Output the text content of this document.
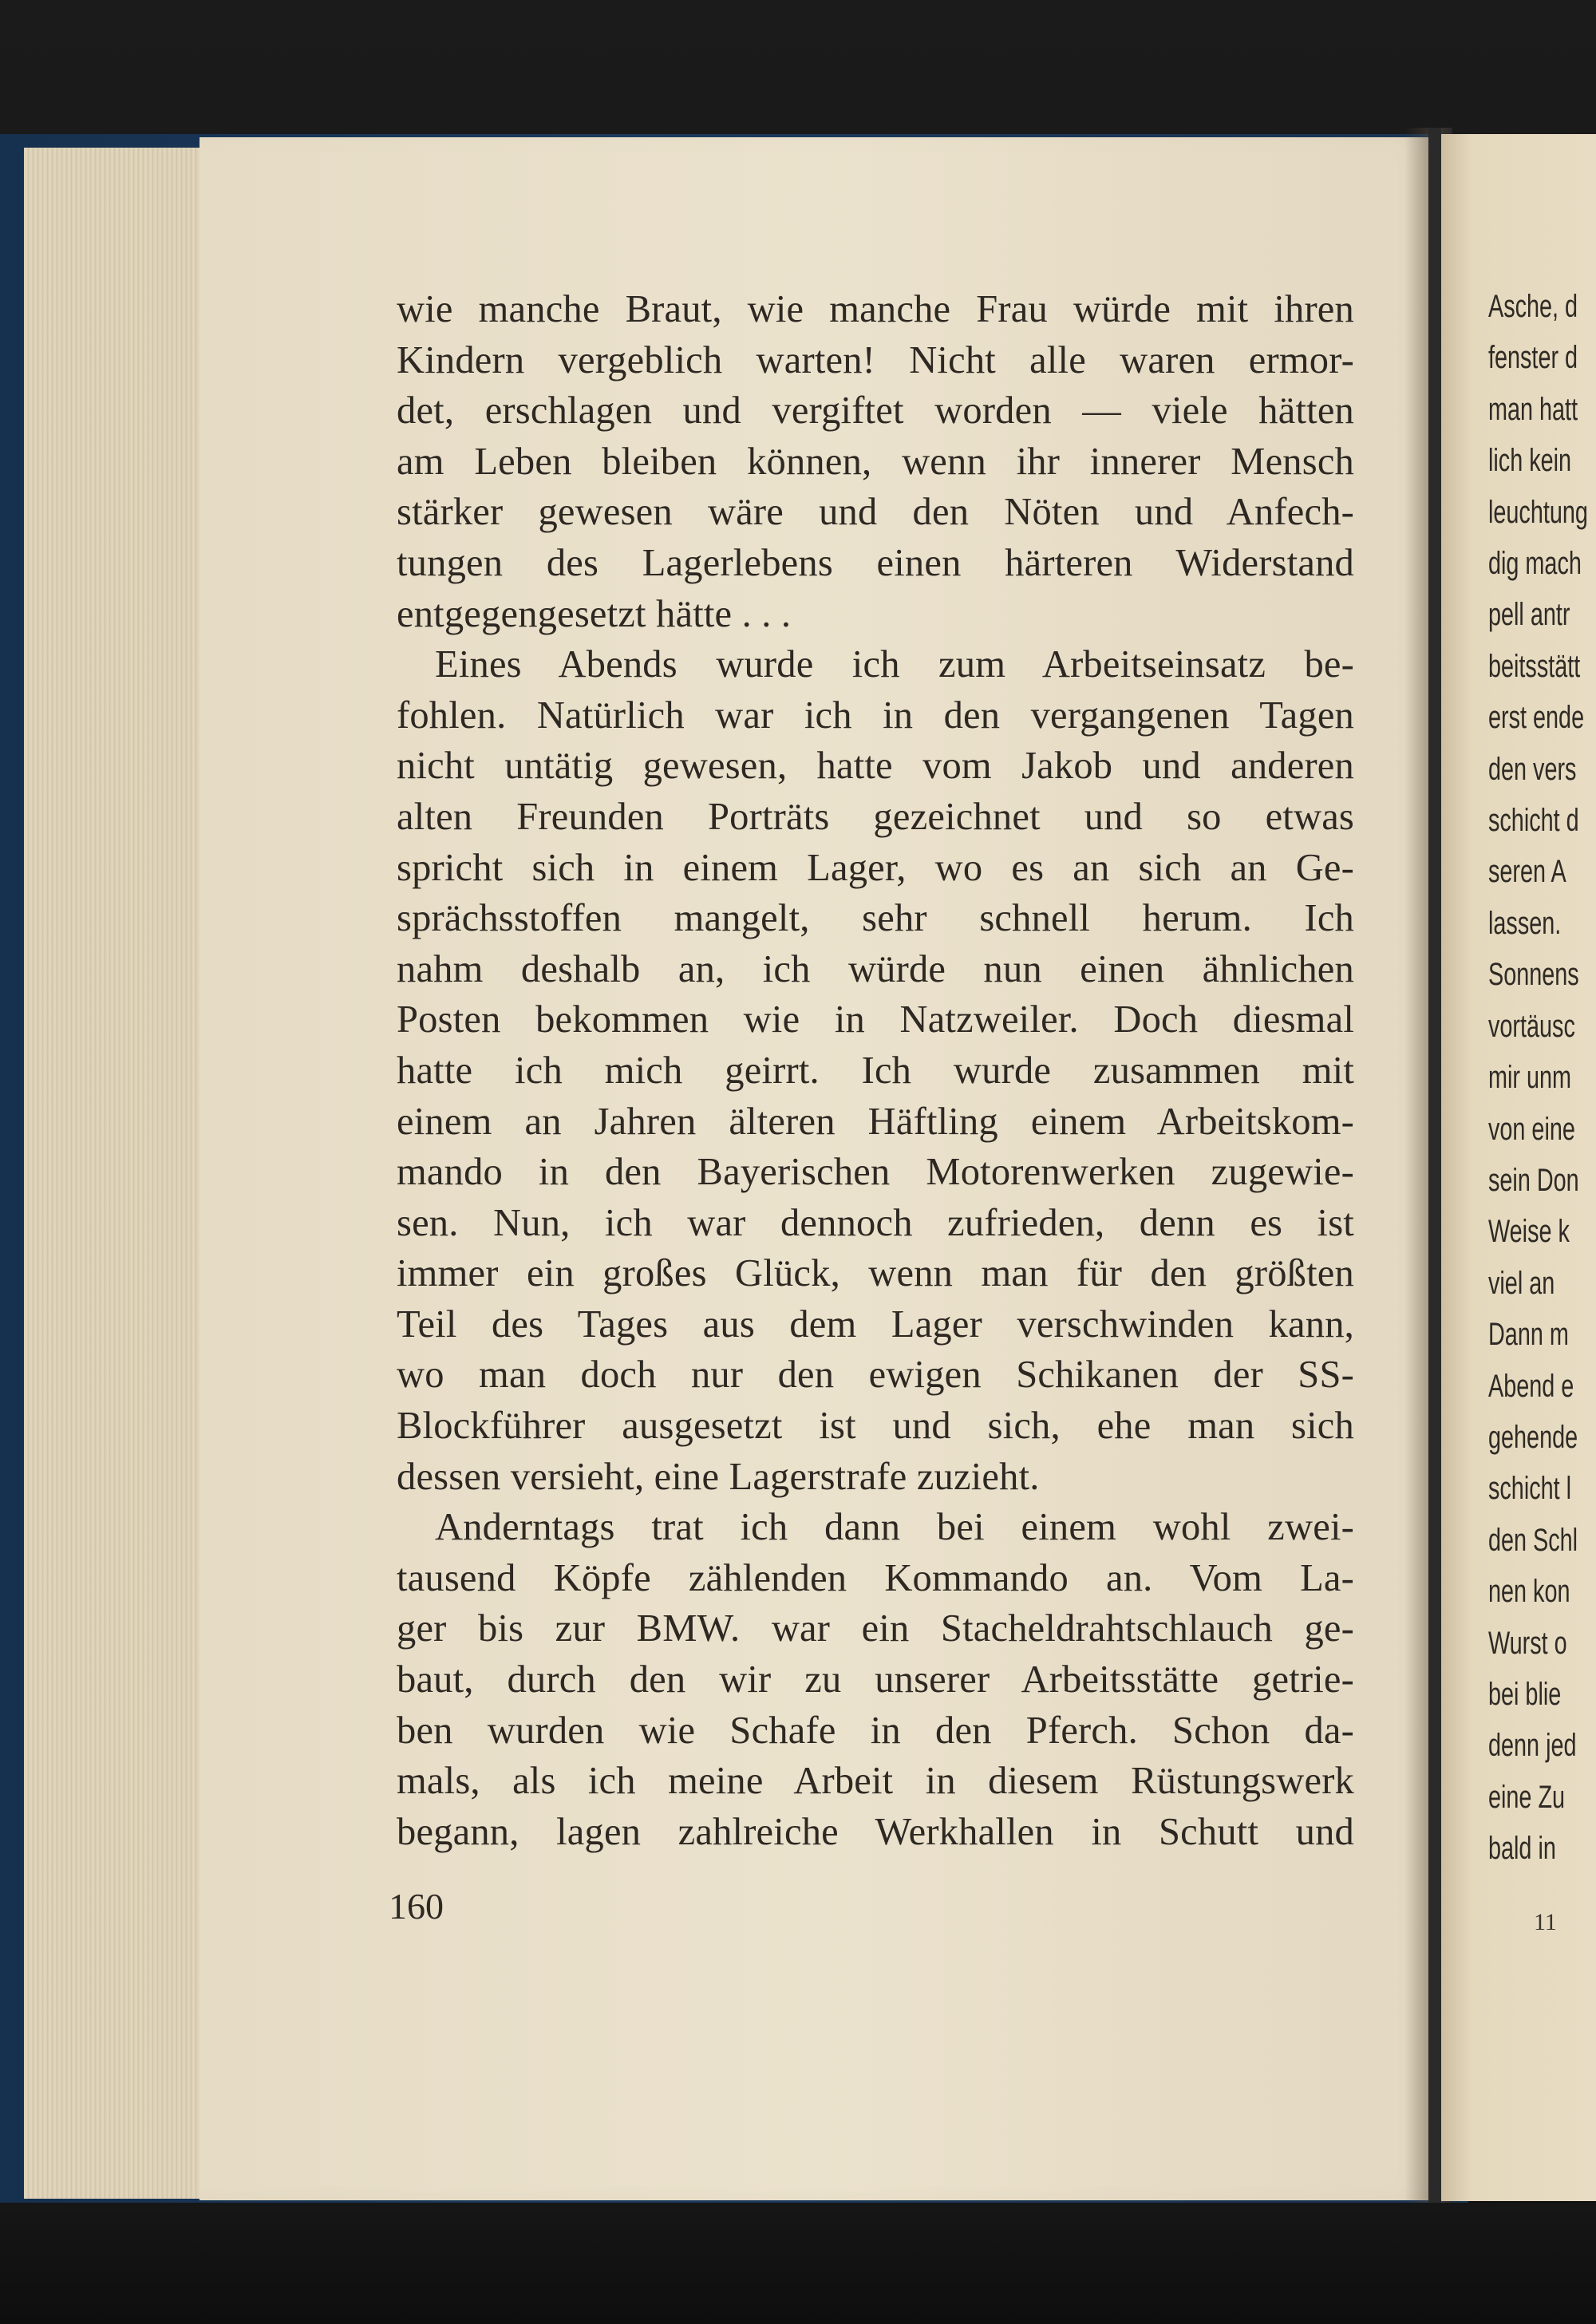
wie manche Braut, wie manche Frau würde mit ihren
Kindern vergeblich warten! Nicht alle waren ermor-
det, erschlagen und vergiftet worden — viele hätten
am Leben bleiben können, wenn ihr innerer Mensch
stärker gewesen wäre und den Nöten und Anfech-
tungen des Lagerlebens einen härteren Widerstand
entgegengesetzt hätte . . .
Eines Abends wurde ich zum Arbeitseinsatz be-
fohlen. Natürlich war ich in den vergangenen Tagen
nicht untätig gewesen, hatte vom Jakob und anderen
alten Freunden Porträts gezeichnet und so etwas
spricht sich in einem Lager, wo es an sich an Ge-
sprächsstoffen mangelt, sehr schnell herum. Ich
nahm deshalb an, ich würde nun einen ähnlichen
Posten bekommen wie in Natzweiler. Doch diesmal
hatte ich mich geirrt. Ich wurde zusammen mit
einem an Jahren älteren Häftling einem Arbeitskom-
mando in den Bayerischen Motorenwerken zugewie-
sen. Nun, ich war dennoch zufrieden, denn es ist
immer ein großes Glück, wenn man für den größten
Teil des Tages aus dem Lager verschwinden kann,
wo man doch nur den ewigen Schikanen der SS-
Blockführer ausgesetzt ist und sich, ehe man sich
dessen versieht, eine Lagerstrafe zuzieht.
Anderntags trat ich dann bei einem wohl zwei-
tausend Köpfe zählenden Kommando an. Vom La-
ger bis zur BMW. war ein Stacheldrahtschlauch ge-
baut, durch den wir zu unserer Arbeitsstätte getrie-
ben wurden wie Schafe in den Pferch. Schon da-
mals, als ich meine Arbeit in diesem Rüstungswerk
begann, lagen zahlreiche Werkhallen in Schutt und
160
Asche, d
fenster d
man hatt
lich kein
leuchtung
dig mach
pell antr
beitsstätt
erst ende
den vers
schicht d
seren A
lassen.
Sonnens
vortäusc
mir unm
von eine
sein Don
Weise k
viel an
Dann m
Abend e
gehende
schicht l
den Schl
nen kon
Wurst o
bei blie
denn jed
eine Zu
bald in
11
